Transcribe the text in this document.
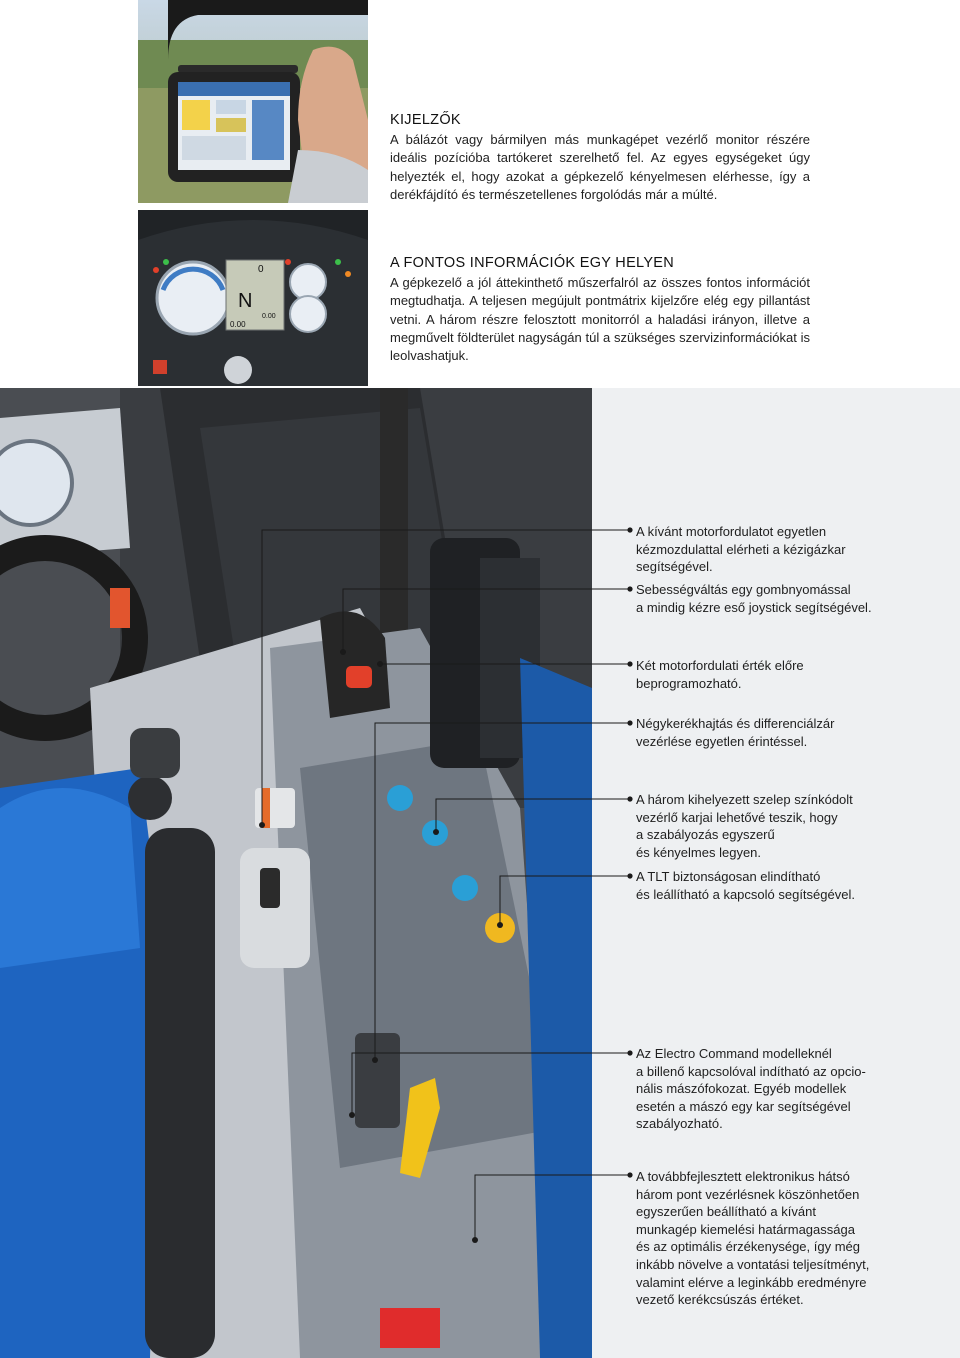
N
0
0.00
0.00
KIJELZŐK

A bálázót vagy bármilyen más munkagépet vezérlő monitor részére ideális pozícióba tartókeret szerelhető fel. Az egyes egységeket úgy helyezték el, hogy azokat a gépkezelő kényelmesen elérhesse, így a derékfájdító és természetellenes forgolódás már a múlté.

A FONTOS INFORMÁCIÓK EGY HELYEN

A gépkezelő a jól áttekinthető műszerfalról az összes fontos információt megtudhatja. A teljesen megújult pontmátrix kijelzőre elég egy pillantást vetni. A három részre felosztott monitorról a haladási irányon, illetve a megművelt földterület nagyságán túl a szükséges szervizinformációkat is leolvashatjuk.

A kívánt motorfordulatot egyetlen
kézmozdulattal elérheti a kézigázkar
segítségével.
Sebességváltás egy gombnyomással
a mindig kézre eső joystick segítségével.
Két motorfordulati érték előre
beprogramozható.
Négykerékhajtás és differenciálzár
vezérlése egyetlen érintéssel.
A három kihelyezett szelep színkódolt
vezérlő karjai lehetővé teszik, hogy
a szabályozás egyszerű
és kényelmes legyen.
A TLT biztonságosan elindítható
és leállítható a kapcsoló segítségével.
Az Electro Command modelleknél
a billenő kapcsolóval indítható az opcio-
nális mászófokozat. Egyéb modellek
esetén a mászó egy kar segítségével
szabályozható.
A továbbfejlesztett elektronikus hátsó
három pont vezérlésnek köszönhetően
egyszerűen beállítható a kívánt
munkagép kiemelési határmagassága
és az optimális érzékenysége, így még
inkább növelve a vontatási teljesítményt,
valamint elérve a leginkább eredményre
vezető kerékcsúszás értéket.
